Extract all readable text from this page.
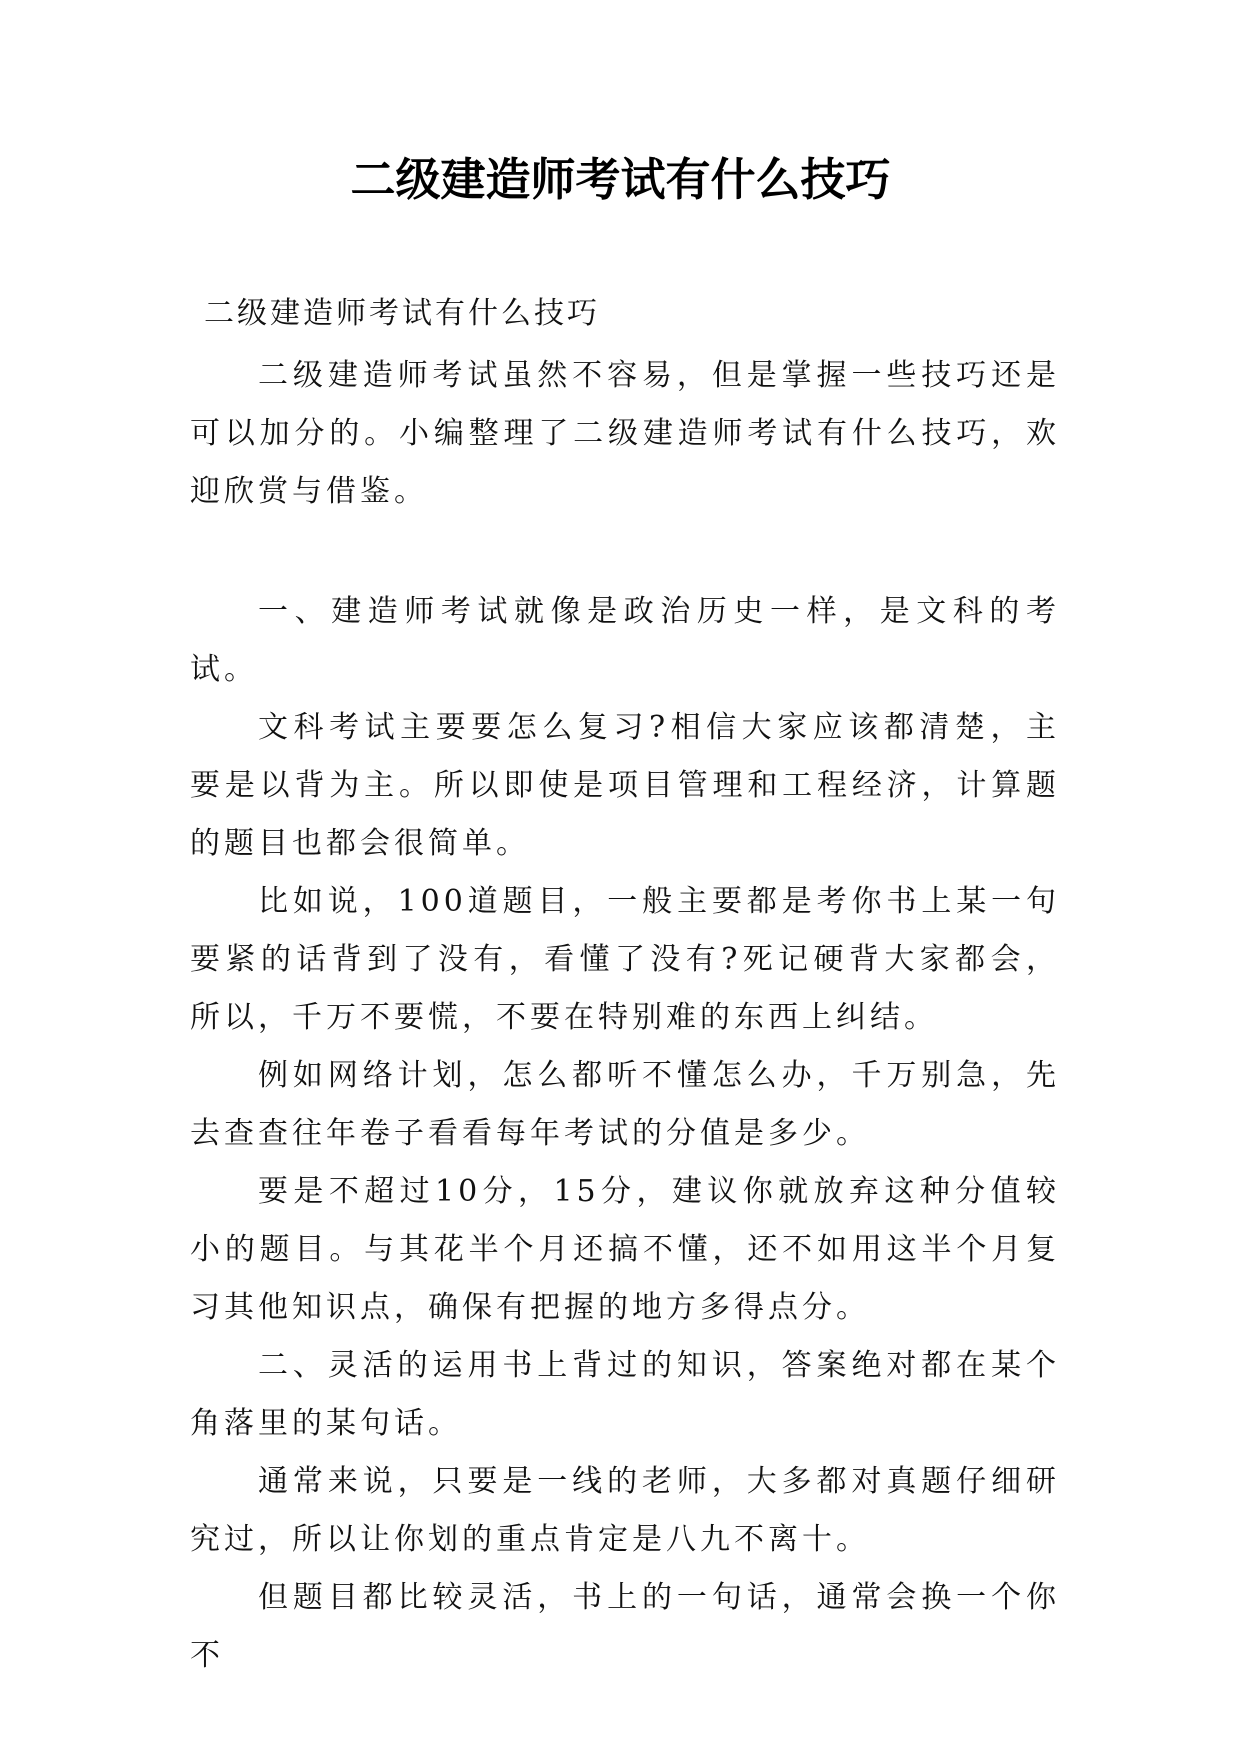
二级建造师考试有什么技巧

二级建造师考试有什么技巧

二级建造师考试虽然不容易，但是掌握一些技巧还是可以加分的。小编整理了二级建造师考试有什么技巧，欢迎欣赏与借鉴。

一、建造师考试就像是政治历史一样，是文科的考试。

文科考试主要要怎么复习?相信大家应该都清楚，主要是以背为主。所以即使是项目管理和工程经济，计算题的题目也都会很简单。

比如说，100道题目，一般主要都是考你书上某一句要紧的话背到了没有，看懂了没有?死记硬背大家都会，所以，千万不要慌，不要在特别难的东西上纠结。

例如网络计划，怎么都听不懂怎么办，千万别急，先去查查往年卷子看看每年考试的分值是多少。

要是不超过10分，15分，建议你就放弃这种分值较小的题目。与其花半个月还搞不懂，还不如用这半个月复习其他知识点，确保有把握的地方多得点分。

二、灵活的运用书上背过的知识，答案绝对都在某个角落里的某句话。

通常来说，只要是一线的老师，大多都对真题仔细研究过，所以让你划的重点肯定是八九不离十。

但题目都比较灵活，书上的一句话，通常会换一个你不
